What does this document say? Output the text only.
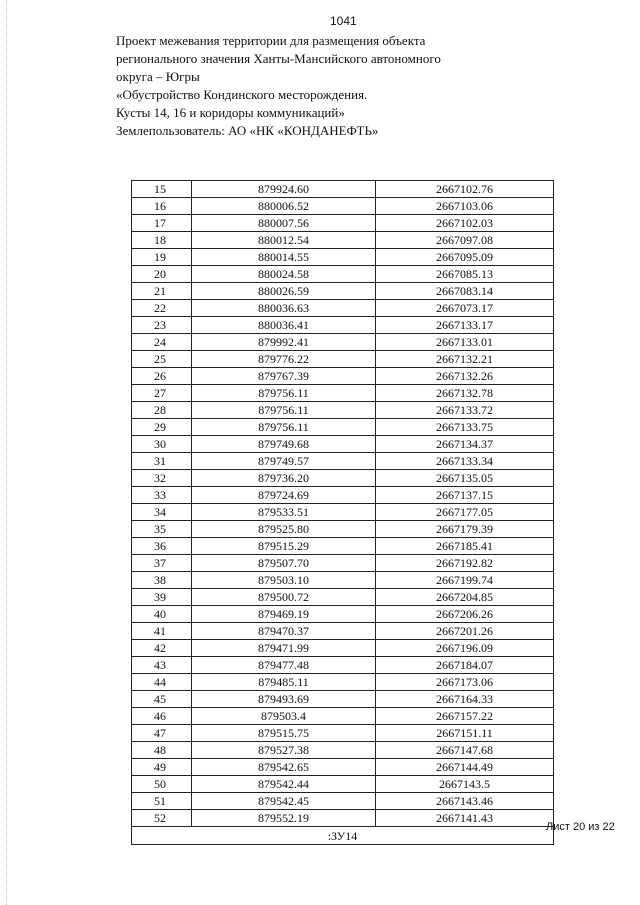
1041
Проект межевания территории для размещения объекта
регионального значения Ханты-Мансийского автономного
округа – Югры
«Обустройство Кондинского месторождения.
Кусты 14, 16 и коридоры коммуникаций»
Землепользователь: АО «НК «КОНДАНЕФТЬ»
15	879924.60	2667102.76
16	880006.52	2667103.06
17	880007.56	2667102.03
18	880012.54	2667097.08
19	880014.55	2667095.09
20	880024.58	2667085.13
21	880026.59	2667083.14
22	880036.63	2667073.17
23	880036.41	2667133.17
24	879992.41	2667133.01
25	879776.22	2667132.21
26	879767.39	2667132.26
27	879756.11	2667132.78
28	879756.11	2667133.72
29	879756.11	2667133.75
30	879749.68	2667134.37
31	879749.57	2667133.34
32	879736.20	2667135.05
33	879724.69	2667137.15
34	879533.51	2667177.05
35	879525.80	2667179.39
36	879515.29	2667185.41
37	879507.70	2667192.82
38	879503.10	2667199.74
39	879500.72	2667204.85
40	879469.19	2667206.26
41	879470.37	2667201.26
42	879471.99	2667196.09
43	879477.48	2667184.07
44	879485.11	2667173.06
45	879493.69	2667164.33
46	879503.4	2667157.22
47	879515.75	2667151.11
48	879527.38	2667147.68
49	879542.65	2667144.49
50	879542.44	2667143.5
51	879542.45	2667143.46
52	879552.19	2667141.43
:ЗУ14		
Лист 20 из 22
